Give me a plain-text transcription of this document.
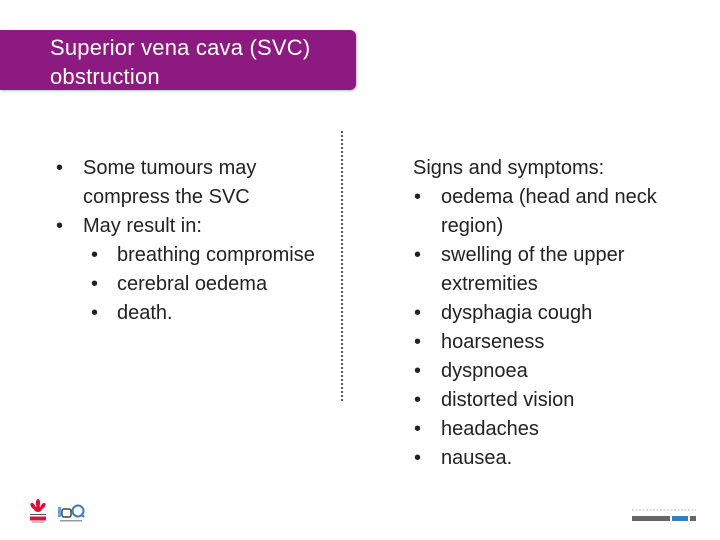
Superior vena cava (SVC) obstruction
• Some tumours may compress the SVC
• May result in:
• breathing compromise
• cerebral oedema
• death.
Signs and symptoms:
• oedema (head and neck region)
• swelling of the upper extremities
• dysphagia cough
• hoarseness
• dyspnoea
• distorted vision
• headaches
• nausea.
